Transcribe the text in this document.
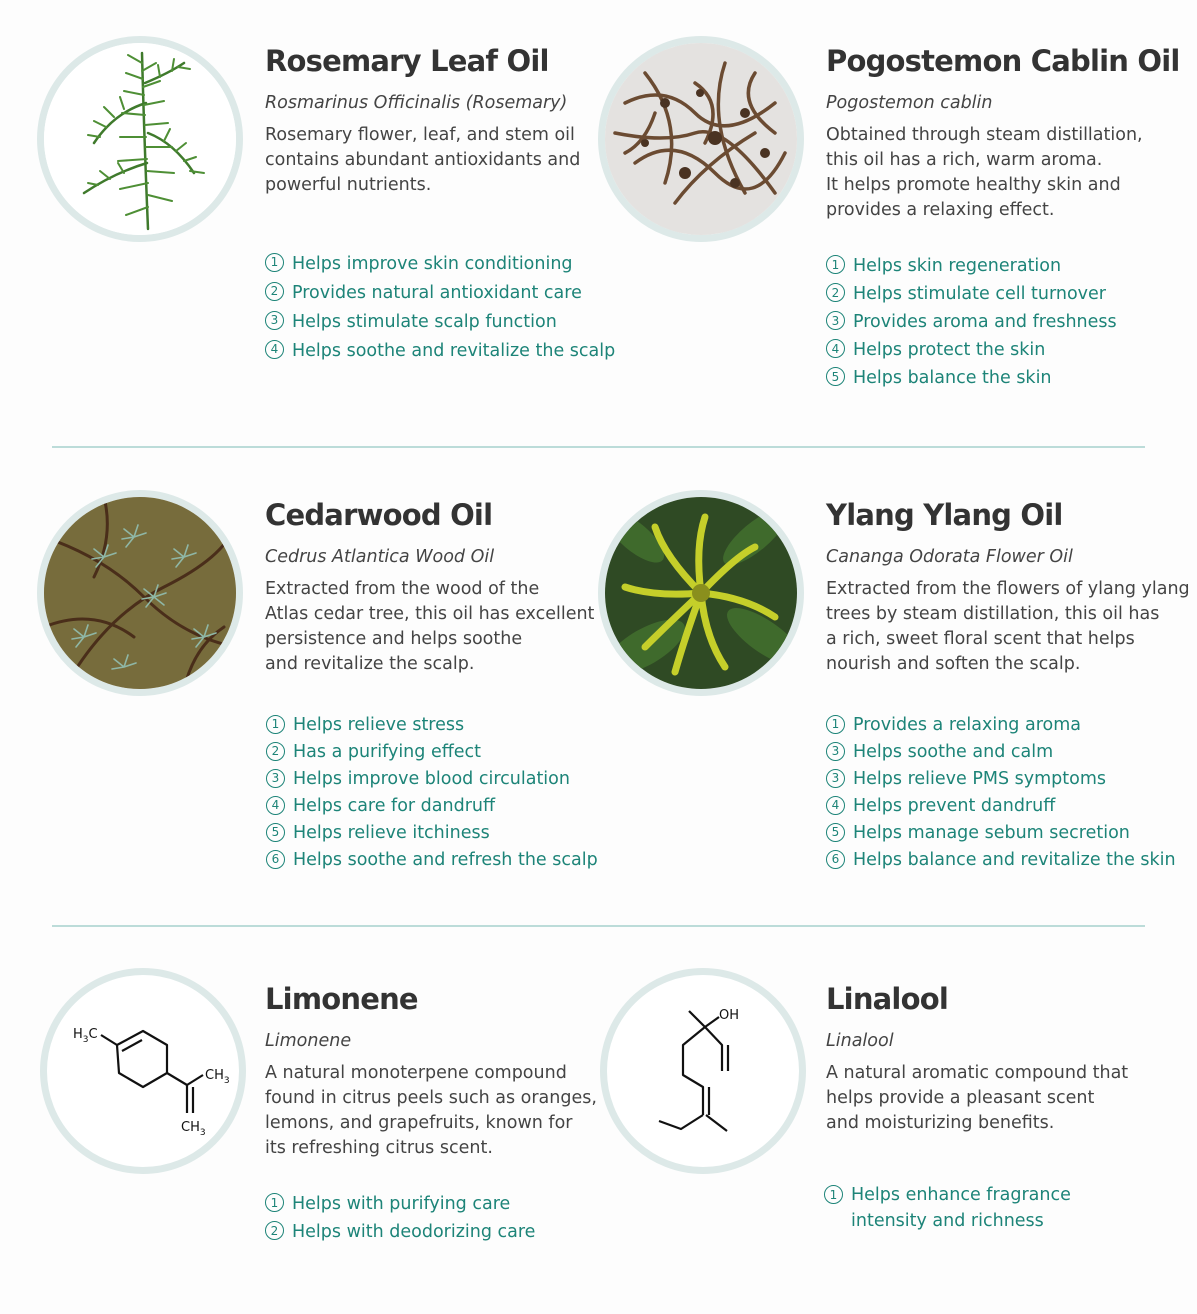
Rosemary Leaf Oil
Rosmarinus Officinalis (Rosemary)
Rosemary flower, leaf, and stem oil
contains abundant antioxidants and
powerful nutrients.
1 Helps improve skin conditioning
2 Provides natural antioxidant care
3 Helps stimulate scalp function
4 Helps soothe and revitalize the scalp
Pogostemon Cablin Oil
Pogostemon cablin
Obtained through steam distillation,
this oil has a rich, warm aroma.
It helps promote healthy skin and
provides a relaxing effect.
1 Helps skin regeneration
2 Helps stimulate cell turnover
3 Provides aroma and freshness
4 Helps protect the skin
5 Helps balance the skin
Cedarwood Oil
Cedrus Atlantica Wood Oil
Extracted from the wood of the
Atlas cedar tree, this oil has excellent
persistence and helps soothe
and revitalize the scalp.
1 Helps relieve stress
2 Has a purifying effect
3 Helps improve blood circulation
4 Helps care for dandruff
5 Helps relieve itchiness
6 Helps soothe and refresh the scalp
Ylang Ylang Oil
Cananga Odorata Flower Oil
Extracted from the flowers of ylang ylang
trees by steam distillation, this oil has
a rich, sweet floral scent that helps
nourish and soften the scalp.
1 Provides a relaxing aroma
3 Helps soothe and calm
3 Helps relieve PMS symptoms
4 Helps prevent dandruff
5 Helps manage sebum secretion
6 Helps balance and revitalize the skin
$H_3C$
$CH_3$
$CH_3$
Limonene
Limonene
A natural monoterpene compound
found in citrus peels such as oranges,
lemons, and grapefruits, known for
its refreshing citrus scent.
1 Helps with purifying care
2 Helps with deodorizing care
OH	Linalool
Linalool
A natural aromatic compound that
helps provide a pleasant scent
and moisturizing benefits.
1 Helps enhance fragrance
intensity and richness
